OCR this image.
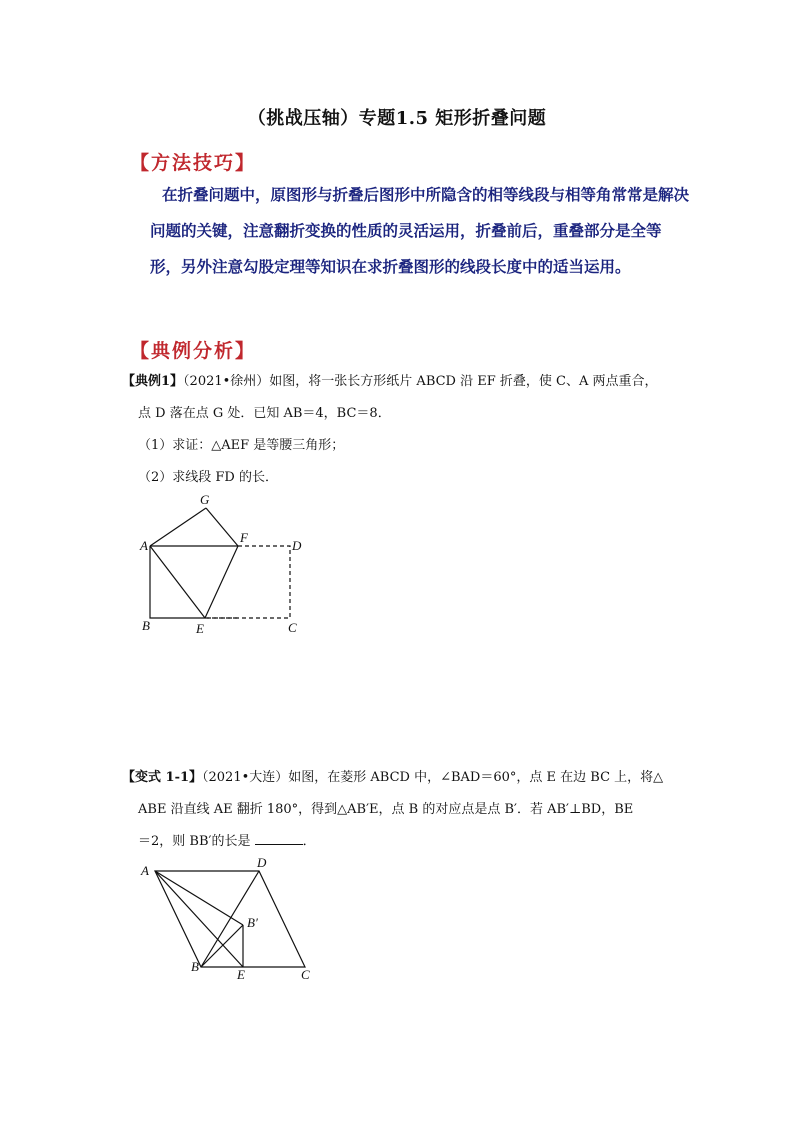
（挑战压轴）专题1.5 矩形折叠问题
【方法技巧】
在折叠问题中，原图形与折叠后图形中所隐含的相等线段与相等角常常是解决问题的关键，注意翻折变换的性质的灵活运用，折叠前后，重叠部分是全等形，另外注意勾股定理等知识在求折叠图形的线段长度中的适当运用。
【典例分析】
【典例1】（2021•徐州）如图，将一张长方形纸片 ABCD 沿 EF 折叠，使 C、A 两点重合，
点 D 落在点 G 处．已知 AB＝4，BC＝8．
（1）求证：△AEF 是等腰三角形；
（2）求线段 FD 的长．
G
A
F
D
B	E	C
【变式 1-1】（2021•大连）如图，在菱形 ABCD 中，∠BAD＝60°，点 E 在边 BC 上，将△
ABE 沿直线 AE 翻折 180°，得到△AB′E，点 B 的对应点是点 B′．若 AB′⊥BD，BE
＝2，则 BB′的长是	．
A
D
B′
B
E	C
